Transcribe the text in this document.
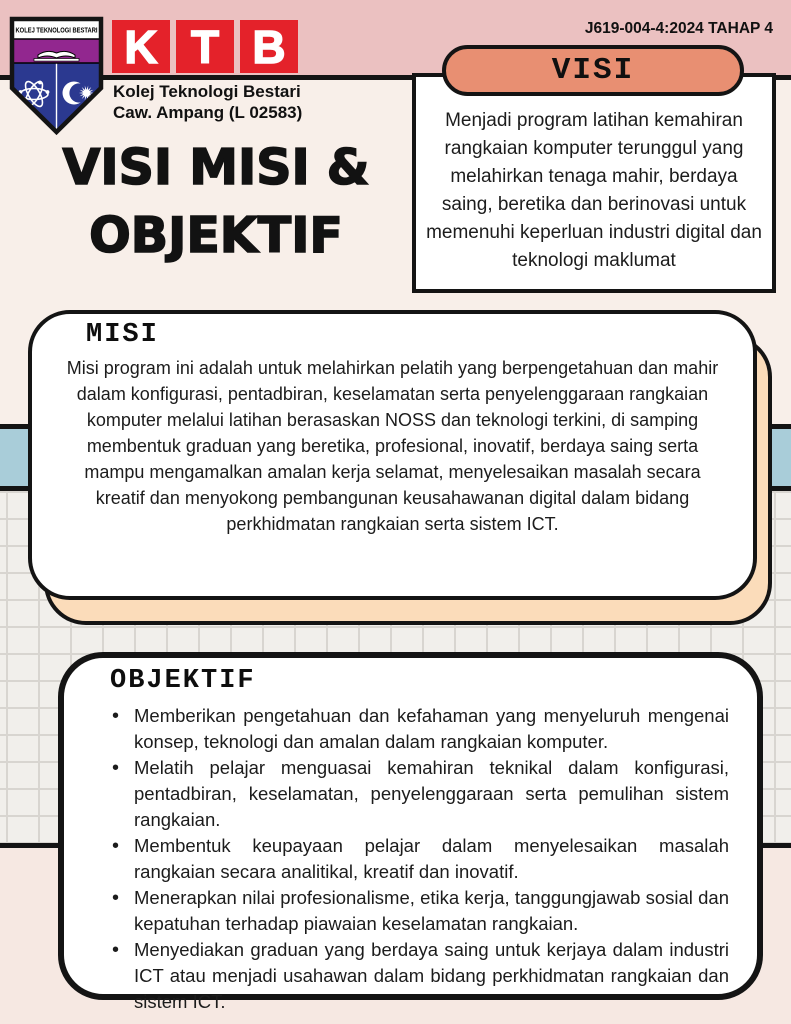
KOLEJ TEKNOLOGI BESTARI K T B
Kolej Teknologi Bestari
Caw. Ampang (L 02583)
J619-004-4:2024 TAHAP 4
VISI MISI &
OBJEKTIF
Menjadi program latihan kemahiran rangkaian komputer terunggul yang melahirkan tenaga mahir, berdaya saing, beretika dan berinovasi untuk memenuhi keperluan industri digital dan teknologi maklumat
VISI
MISI
Misi program ini adalah untuk melahirkan pelatih yang berpengetahuan dan mahir dalam konfigurasi, pentadbiran, keselamatan serta penyelenggaraan rangkaian komputer melalui latihan berasaskan NOSS dan teknologi terkini, di samping membentuk graduan yang beretika, profesional, inovatif, berdaya saing serta mampu mengamalkan amalan kerja selamat, menyelesaikan masalah secara kreatif dan menyokong pembangunan keusahawanan digital dalam bidang perkhidmatan rangkaian serta sistem ICT.
OBJEKTIF
• Memberikan pengetahuan dan kefahaman yang menyeluruh mengenai konsep, teknologi dan amalan dalam rangkaian komputer.
• Melatih pelajar menguasai kemahiran teknikal dalam konfigurasi, pentadbiran, keselamatan, penyelenggaraan serta pemulihan sistem rangkaian.
• Membentuk keupayaan pelajar dalam menyelesaikan masalah rangkaian secara analitikal, kreatif dan inovatif.
• Menerapkan nilai profesionalisme, etika kerja, tanggungjawab sosial dan kepatuhan terhadap piawaian keselamatan rangkaian.
• Menyediakan graduan yang berdaya saing untuk kerjaya dalam industri ICT atau menjadi usahawan dalam bidang perkhidmatan rangkaian dan sistem ICT.
